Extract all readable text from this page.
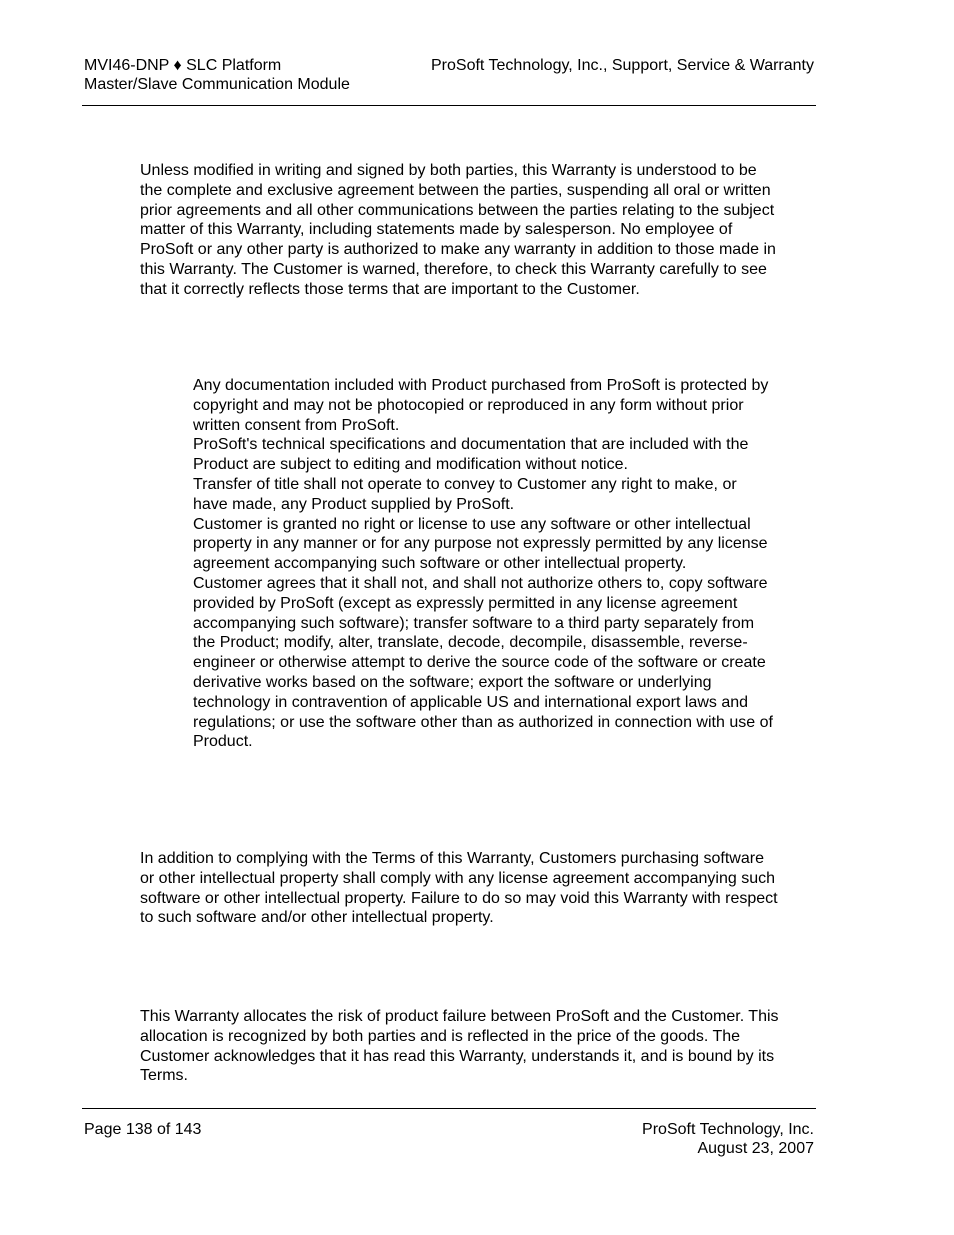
MVI46-DNP ♦ SLC Platform
Master/Slave Communication Module
ProSoft Technology, Inc., Support, Service & Warranty

Unless modified in writing and signed by both parties, this Warranty is understood to be the complete and exclusive agreement between the parties, suspending all oral or written prior agreements and all other communications between the parties relating to the subject matter of this Warranty, including statements made by salesperson. No employee of ProSoft or any other party is authorized to make any warranty in addition to those made in this Warranty. The Customer is warned, therefore, to check this Warranty carefully to see that it correctly reflects those terms that are important to the Customer.

Any documentation included with Product purchased from ProSoft is protected by copyright and may not be photocopied or reproduced in any form without prior written consent from ProSoft.
ProSoft's technical specifications and documentation that are included with the Product are subject to editing and modification without notice.
Transfer of title shall not operate to convey to Customer any right to make, or have made, any Product supplied by ProSoft.
Customer is granted no right or license to use any software or other intellectual property in any manner or for any purpose not expressly permitted by any license agreement accompanying such software or other intellectual property.
Customer agrees that it shall not, and shall not authorize others to, copy software provided by ProSoft (except as expressly permitted in any license agreement accompanying such software); transfer software to a third party separately from the Product; modify, alter, translate, decode, decompile, disassemble, reverse-engineer or otherwise attempt to derive the source code of the software or create derivative works based on the software; export the software or underlying technology in contravention of applicable US and international export laws and regulations; or use the software other than as authorized in connection with use of Product.

In addition to complying with the Terms of this Warranty, Customers purchasing software or other intellectual property shall comply with any license agreement accompanying such software or other intellectual property. Failure to do so may void this Warranty with respect to such software and/or other intellectual property.

This Warranty allocates the risk of product failure between ProSoft and the Customer. This allocation is recognized by both parties and is reflected in the price of the goods. The Customer acknowledges that it has read this Warranty, understands it, and is bound by its Terms.

Page 138 of 143	ProSoft Technology, Inc.
August 23, 2007
